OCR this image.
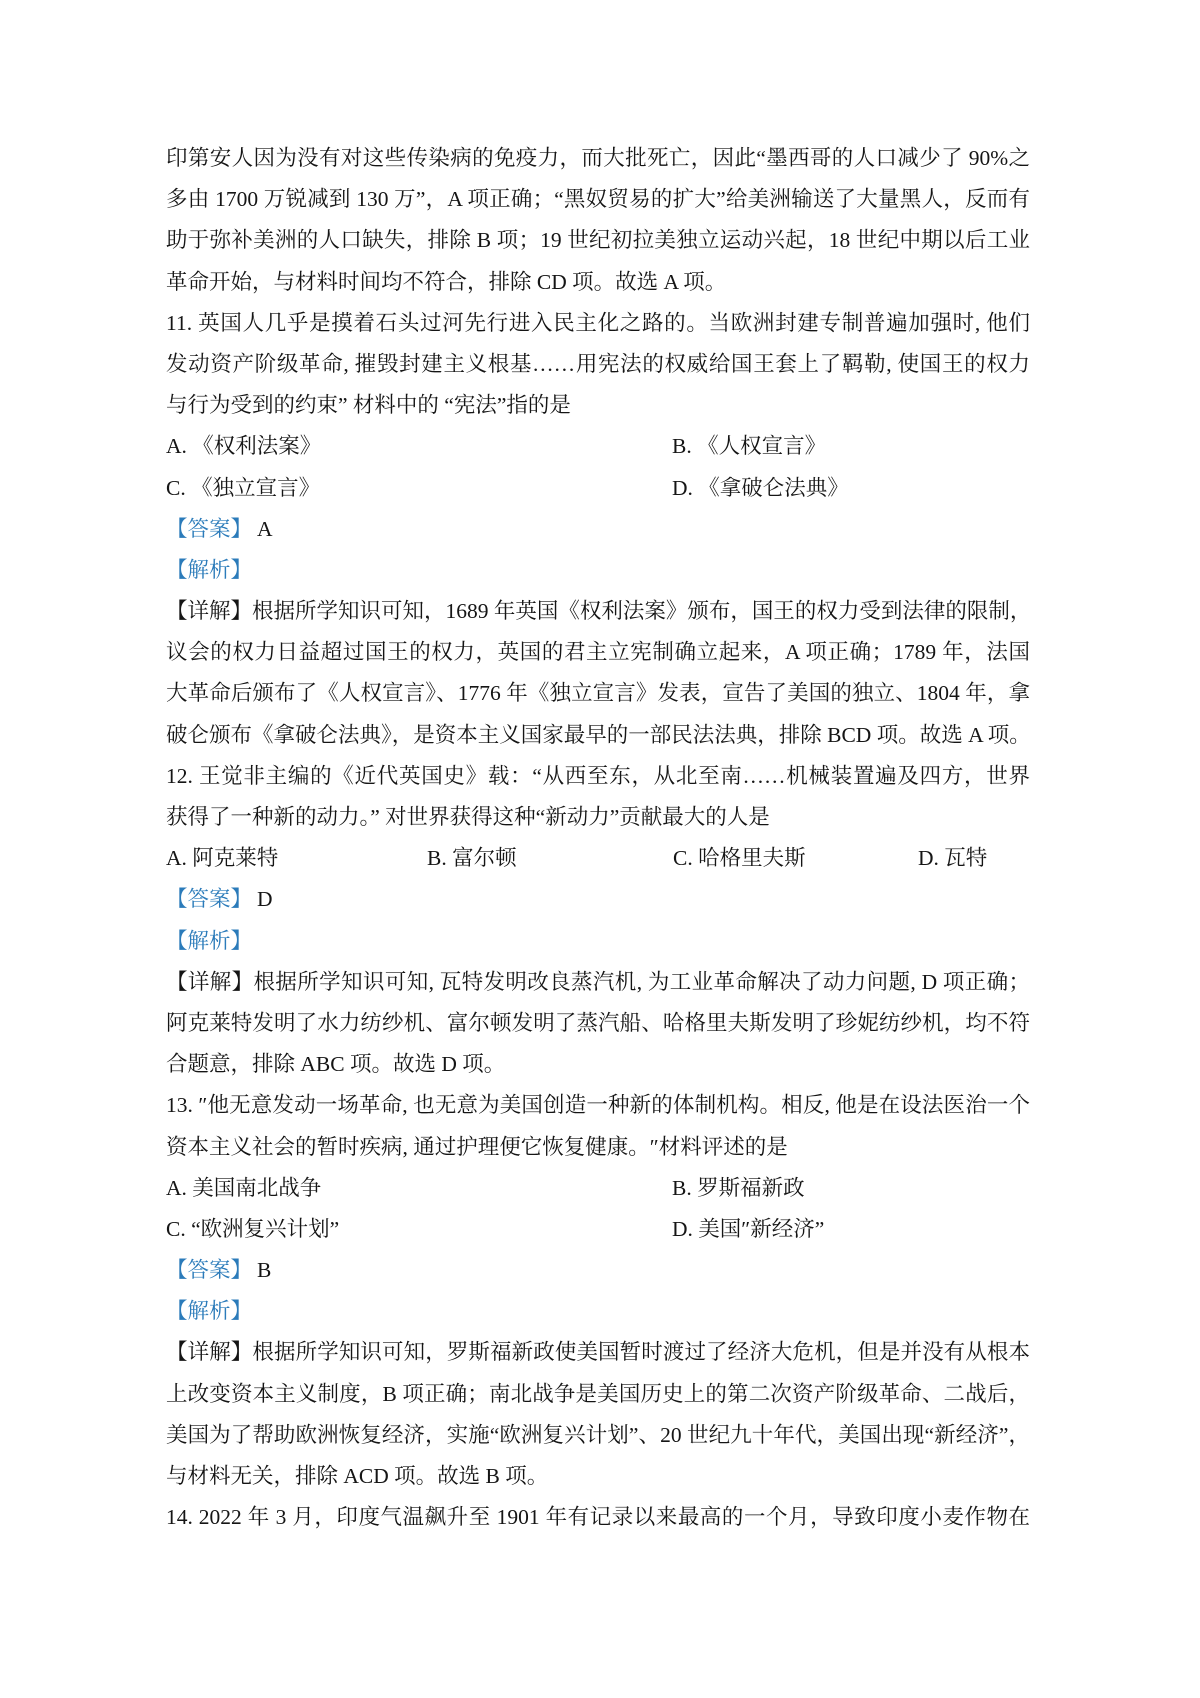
印第安人因为没有对这些传染病的免疫力，而大批死亡，因此“墨西哥的人口减少了 90%之
多由 1700 万锐减到 130 万”，A 项正确；“黑奴贸易的扩大”给美洲输送了大量黑人，反而有
助于弥补美洲的人口缺失，排除 B 项；19 世纪初拉美独立运动兴起，18 世纪中期以后工业
革命开始，与材料时间均不符合，排除 CD 项。故选 A 项。
11. 英国人几乎是摸着石头过河先行进入民主化之路的。当欧洲封建专制普遍加强时, 他们
发动资产阶级革命, 摧毁封建主义根基……用宪法的权威给国王套上了羁勒, 使国王的权力
与行为受到的约束” 材料中的 “宪法”指的是
A. 《权利法案》	B. 《人权宣言》
C. 《独立宣言》	D. 《拿破仑法典》
【答案】 A
【解析】
【详解】根据所学知识可知，1689 年英国《权利法案》颁布，国王的权力受到法律的限制，
议会的权力日益超过国王的权力，英国的君主立宪制确立起来，A 项正确；1789 年，法国
大革命后颁布了《人权宣言》、1776 年《独立宣言》发表，宣告了美国的独立、1804 年，拿
破仑颁布《拿破仑法典》，是资本主义国家最早的一部民法法典，排除 BCD 项。故选 A 项。
12. 王觉非主编的《近代英国史》载：“从西至东，从北至南……机械装置遍及四方，世界
获得了一种新的动力。” 对世界获得这种“新动力”贡献最大的人是
A. 阿克莱特	B. 富尔顿	C. 哈格里夫斯	D. 瓦特
【答案】 D
【解析】
【详解】根据所学知识可知, 瓦特发明改良蒸汽机, 为工业革命解决了动力问题, D 项正确；
阿克莱特发明了水力纺纱机、富尔顿发明了蒸汽船、哈格里夫斯发明了珍妮纺纱机，均不符
合题意，排除 ABC 项。故选 D 项。
13. ″他无意发动一场革命, 也无意为美国创造一种新的体制机构。相反, 他是在设法医治一个
资本主义社会的暂时疾病, 通过护理便它恢复健康。″材料评述的是
A. 美国南北战争	B. 罗斯福新政
C. “欧洲复兴计划”	D. 美国″新经济”
【答案】 B
【解析】
【详解】根据所学知识可知，罗斯福新政使美国暂时渡过了经济大危机，但是并没有从根本
上改变资本主义制度，B 项正确；南北战争是美国历史上的第二次资产阶级革命、二战后，
美国为了帮助欧洲恢复经济，实施“欧洲复兴计划”、20 世纪九十年代，美国出现“新经济”，
与材料无关，排除 ACD 项。故选 B 项。
14. 2022 年 3 月，印度气温飙升至 1901 年有记录以来最高的一个月，导致印度小麦作物在
